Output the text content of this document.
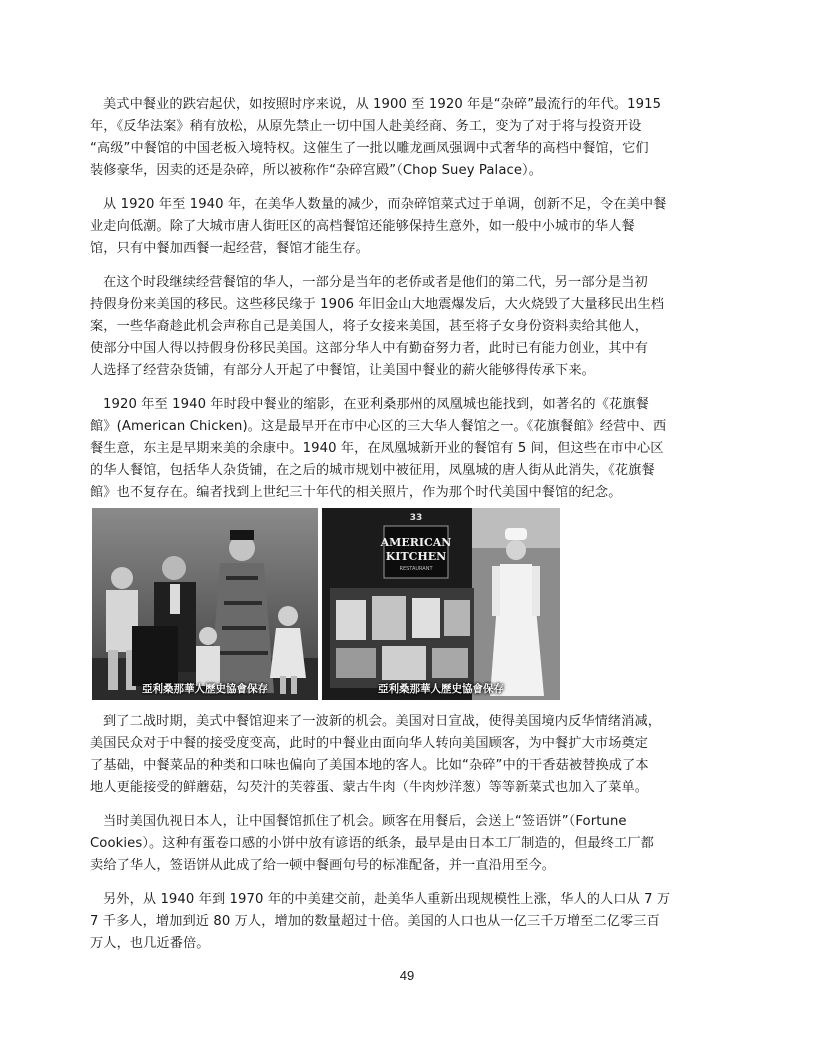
美式中餐业的跌宕起伏，如按照时序来说，从 1900 至 1920 年是“杂碎”最流行的年代。1915
年，《反华法案》稍有放松，从原先禁止一切中国人赴美经商、务工，变为了对于将与投资开设
“高级”中餐馆的中国老板入境特权。这催生了一批以雕龙画凤强调中式奢华的高档中餐馆，它们
装修豪华，因卖的还是杂碎，所以被称作“杂碎宫殿”（Chop Suey Palace）。

从 1920 年至 1940 年，在美华人数量的减少，而杂碎馆菜式过于单调，创新不足，令在美中餐
业走向低潮。除了大城市唐人街旺区的高档餐馆还能够保持生意外，如一般中小城市的华人餐
馆，只有中餐加西餐一起经营，餐馆才能生存。

在这个时段继续经营餐馆的华人，一部分是当年的老侨或者是他们的第二代，另一部分是当初
持假身份来美国的移民。这些移民缘于 1906 年旧金山大地震爆发后，大火烧毁了大量移民出生档
案，一些华裔趁此机会声称自己是美国人，将子女接来美国，甚至将子女身份资料卖给其他人，
使部分中国人得以持假身份移民美国。这部分华人中有勤奋努力者，此时已有能力创业，其中有
人选择了经营杂货铺，有部分人开起了中餐馆，让美国中餐业的薪火能够得传承下来。

1920 年至 1940 年时段中餐业的缩影，在亚利桑那州的凤凰城也能找到，如著名的《花旗餐
館》(American Chicken)。这是最早开在市中心区的三大华人餐馆之一。《花旗餐館》经营中、西
餐生意，东主是早期来美的余康中。1940 年，在凤凰城新开业的餐馆有 5 间，但这些在市中心区
的华人餐馆，包括华人杂货铺，在之后的城市规划中被征用，凤凰城的唐人街从此消失，《花旗餐
館》也不复存在。编者找到上世纪三十年代的相关照片，作为那个时代美国中餐馆的纪念。

亞利桑那華人歷史協會保存
33
AMERICAN
KITCHEN
RESTAURANT
亞利桑那華人歷史協會保存

到了二战时期，美式中餐馆迎来了一波新的机会。美国对日宣战，使得美国境内反华情绪消减，
美国民众对于中餐的接受度变高，此时的中餐业由面向华人转向美国顾客，为中餐扩大市场奠定
了基础，中餐菜品的种类和口味也偏向了美国本地的客人。比如“杂碎”中的干香菇被替换成了本
地人更能接受的鲜蘑菇，勾芡汁的芙蓉蛋、蒙古牛肉（牛肉炒洋葱）等等新菜式也加入了菜单。

当时美国仇视日本人，让中国餐馆抓住了机会。顾客在用餐后，会送上“签语饼”（Fortune
Cookies）。这种有蛋卷口感的小饼中放有谚语的纸条，最早是由日本工厂制造的，但最终工厂都
卖给了华人，签语饼从此成了给一顿中餐画句号的标准配备，并一直沿用至今。

另外，从 1940 年到 1970 年的中美建交前，赴美华人重新出现规模性上涨，华人的人口从 7 万
7 千多人，增加到近 80 万人，增加的数量超过十倍。美国的人口也从一亿三千万增至二亿零三百
万人，也几近番倍。

49
